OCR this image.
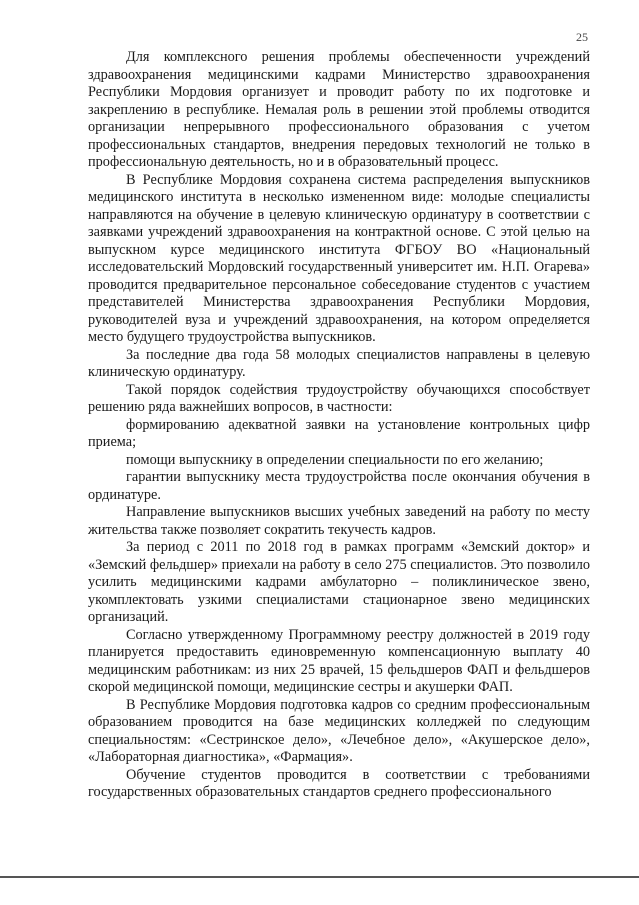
25

Для комплексного решения проблемы обеспеченности учреждений здравоохранения медицинскими кадрами Министерство здравоохранения Республики Мордовия организует и проводит работу по их подготовке и закреплению в республике. Немалая роль в решении этой проблемы отводится организации непрерывного профессионального образования с учетом профессиональных стандартов, внедрения передовых технологий не только в профессиональную деятельность, но и в образовательный процесс.

В Республике Мордовия сохранена система распределения выпускников медицинского института в несколько измененном виде: молодые специалисты направляются на обучение в целевую клиническую ординатуру в соответствии с заявками учреждений здравоохранения на контрактной основе. С этой целью на выпускном курсе медицинского института ФГБОУ ВО «Национальный исследовательский Мордовский государственный университет им. Н.П. Огарева» проводится предварительное персональное собеседование студентов с участием представителей Министерства здравоохранения Республики Мордовия, руководителей вуза и учреждений здравоохранения, на котором определяется место будущего трудоустройства выпускников.

За последние два года 58 молодых специалистов направлены в целевую клиническую ординатуру.

Такой порядок содействия трудоустройству обучающихся способствует решению ряда важнейших вопросов, в частности:

формированию адекватной заявки на установление контрольных цифр приема;

помощи выпускнику в определении специальности по его желанию;

гарантии выпускнику места трудоустройства после окончания обучения в ординатуре.

Направление выпускников высших учебных заведений на работу по месту жительства также позволяет сократить текучесть кадров.

За период с 2011 по 2018 год в рамках программ «Земский доктор» и «Земский фельдшер» приехали на работу в село 275 специалистов. Это позволило усилить медицинскими кадрами амбулаторно – поликлиническое звено, укомплектовать узкими специалистами стационарное звено медицинских организаций.

Согласно утвержденному Программному реестру должностей в 2019 году планируется предоставить единовременную компенсационную выплату 40 медицинским работникам: из них 25 врачей, 15 фельдшеров ФАП и фельдшеров скорой медицинской помощи, медицинские сестры и акушерки ФАП.

В Республике Мордовия подготовка кадров со средним профессиональным образованием проводится на базе медицинских колледжей по следующим специальностям: «Сестринское дело», «Лечебное дело», «Акушерское дело», «Лабораторная диагностика», «Фармация».

Обучение студентов проводится в соответствии с требованиями государственных образовательных стандартов среднего профессионального
